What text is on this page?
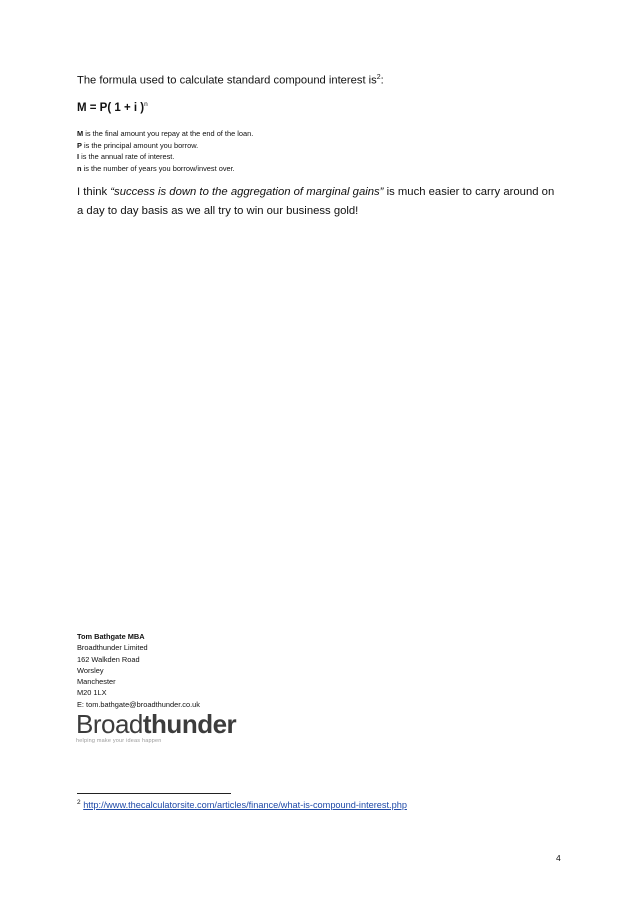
The formula used to calculate standard compound interest $is^2$:
M = P( 1 + i )$^n$
M is the final amount you repay at the end of the loan.
P is the principal amount you borrow.
I is the annual rate of interest.
n is the number of years you borrow/invest over.
I think “success is down to the aggregation of marginal gains” is much easier to carry around on a day to day basis as we all try to win our business gold!
Tom Bathgate MBA
Broadthunder Limited
162 Walkden Road
Worsley
Manchester
M20 1LX
E: tom.bathgate@broadthunder.co.uk
Broadthunder
helping make your ideas happen
$^2$ http://www.thecalculatorsite.com/articles/finance/what-is-compound-interest.php
4
